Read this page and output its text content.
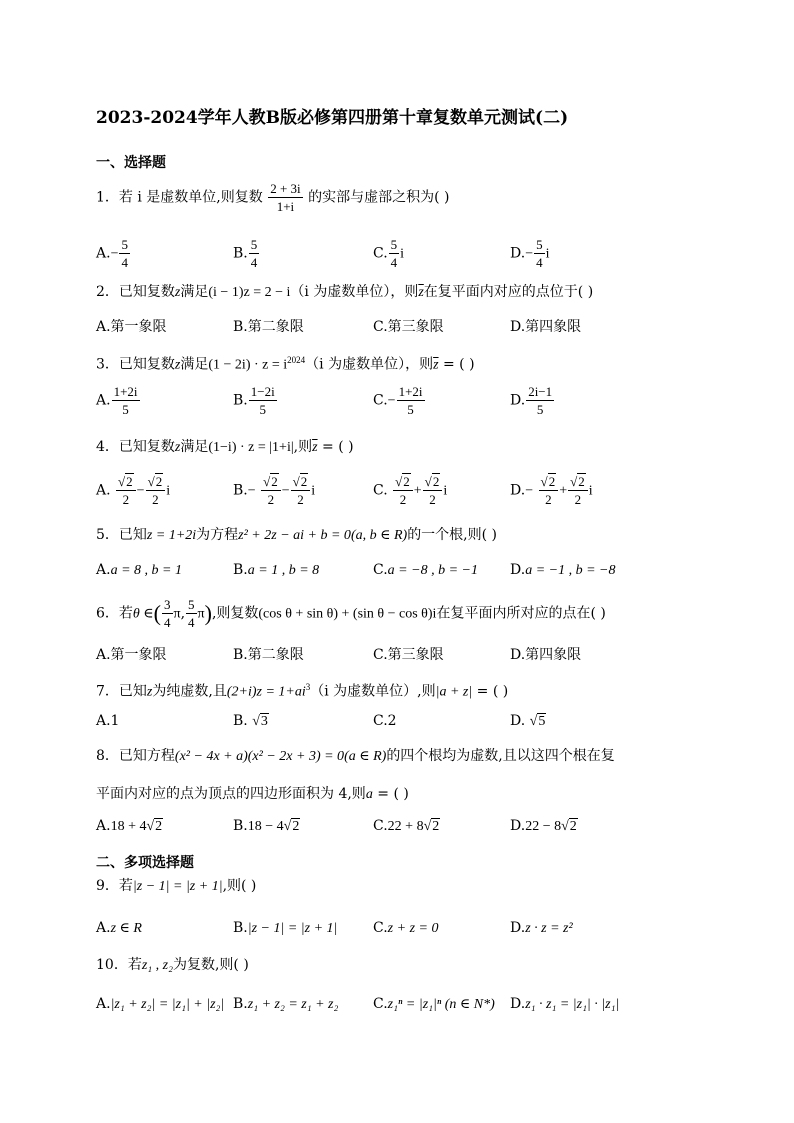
2023-2024学年人教B版必修第四册第十章复数单元测试(二)
一、选择题
1．若 i 是虚数单位,则复数 $\frac{2 + 3i}{1+i}$ 的实部与虚部之积为( )
$A.- \frac{5}{4}$	B. $\frac{5}{4}$	C. $\frac{5}{4}$ i	$D.- \frac{5}{4}$ i
2．已知复数z满足(i − 1)z = 2 − i（i 为虚数单位），则$\overline{z}$在复平面内对应的点位于( )
A.第一象限	B.第二象限	C.第三象限	D.第四象限
3．已知复数z满足$(1 - 2i) \cdot z = i^{2024}(i$ 为虚数单位），则$\overline{z}$ = ( )
A. $\frac{1+2i}{5}$	B. $\frac{1-2i}{5}$	$C.- \frac{1+2i}{5}$	D. $\frac{2i-1}{5}$
4．已知复数z满足(1−i) · z = |1+i|,则$\overline{z}$ = ( )
A. $\frac{√2}{2} - \frac{√2}{2}$ i	$B.- \frac{√2}{2} - \frac{√2}{2}$ i	C. $\frac{√2}{2} + \frac{√2}{2}$ i	$D.- \frac{√2}{2} + \frac{√2}{2}$ i
5．已知z = 1+2i为方程z² + 2z − ai + b = 0(a, b ∈ R)的一个根,则( )
A.a = 8 , b = 1	B.a = 1 , b = 8	C.a = −8 , b = −1 D.a = −1 , b = −8
6．若θ ∈( $\frac{3}{4} \pi$, $\frac{5}{4} \pi$),则复数(cos θ + sin θ) + (sin θ − cos θ)i在复平面内所对应的点在( )
A.第一象限	B.第二象限	C.第三象限	D.第四象限
7．已知z为纯虚数,且$(2+i)z = 1+ai^3(i$ 为虚数单位）,则|a + z| = ( )
A.1	B. √3	C.2	D. √5
8．已知方程(x² − 4x + a)(x² − 2x + 3) = 0(a ∈ R)的四个根均为虚数,且以这四个根在复
平面内对应的点为顶点的四边形面积为 4,则a = ( )
A.18 + 4√2	B.18 − 4√2	C.22 + 8√2	D.22 − 8√2
二、多项选择题
9．若|z − 1| = |z + 1|,则( )
A.z ∈ R	B.|z − 1| = |z + 1|	C.z + z = 0	D.z · z = z²
10．若z₁ , z₂为复数,则( )
A.|z₁ + z₂| = |z₁| + |z₂| B.z₁ + z₂ = z₁ + z₂ C.z₁ⁿ = |z₁|ⁿ (n ∈ N*) D.z₁ · z₁ = |z₁| · |z₁|
